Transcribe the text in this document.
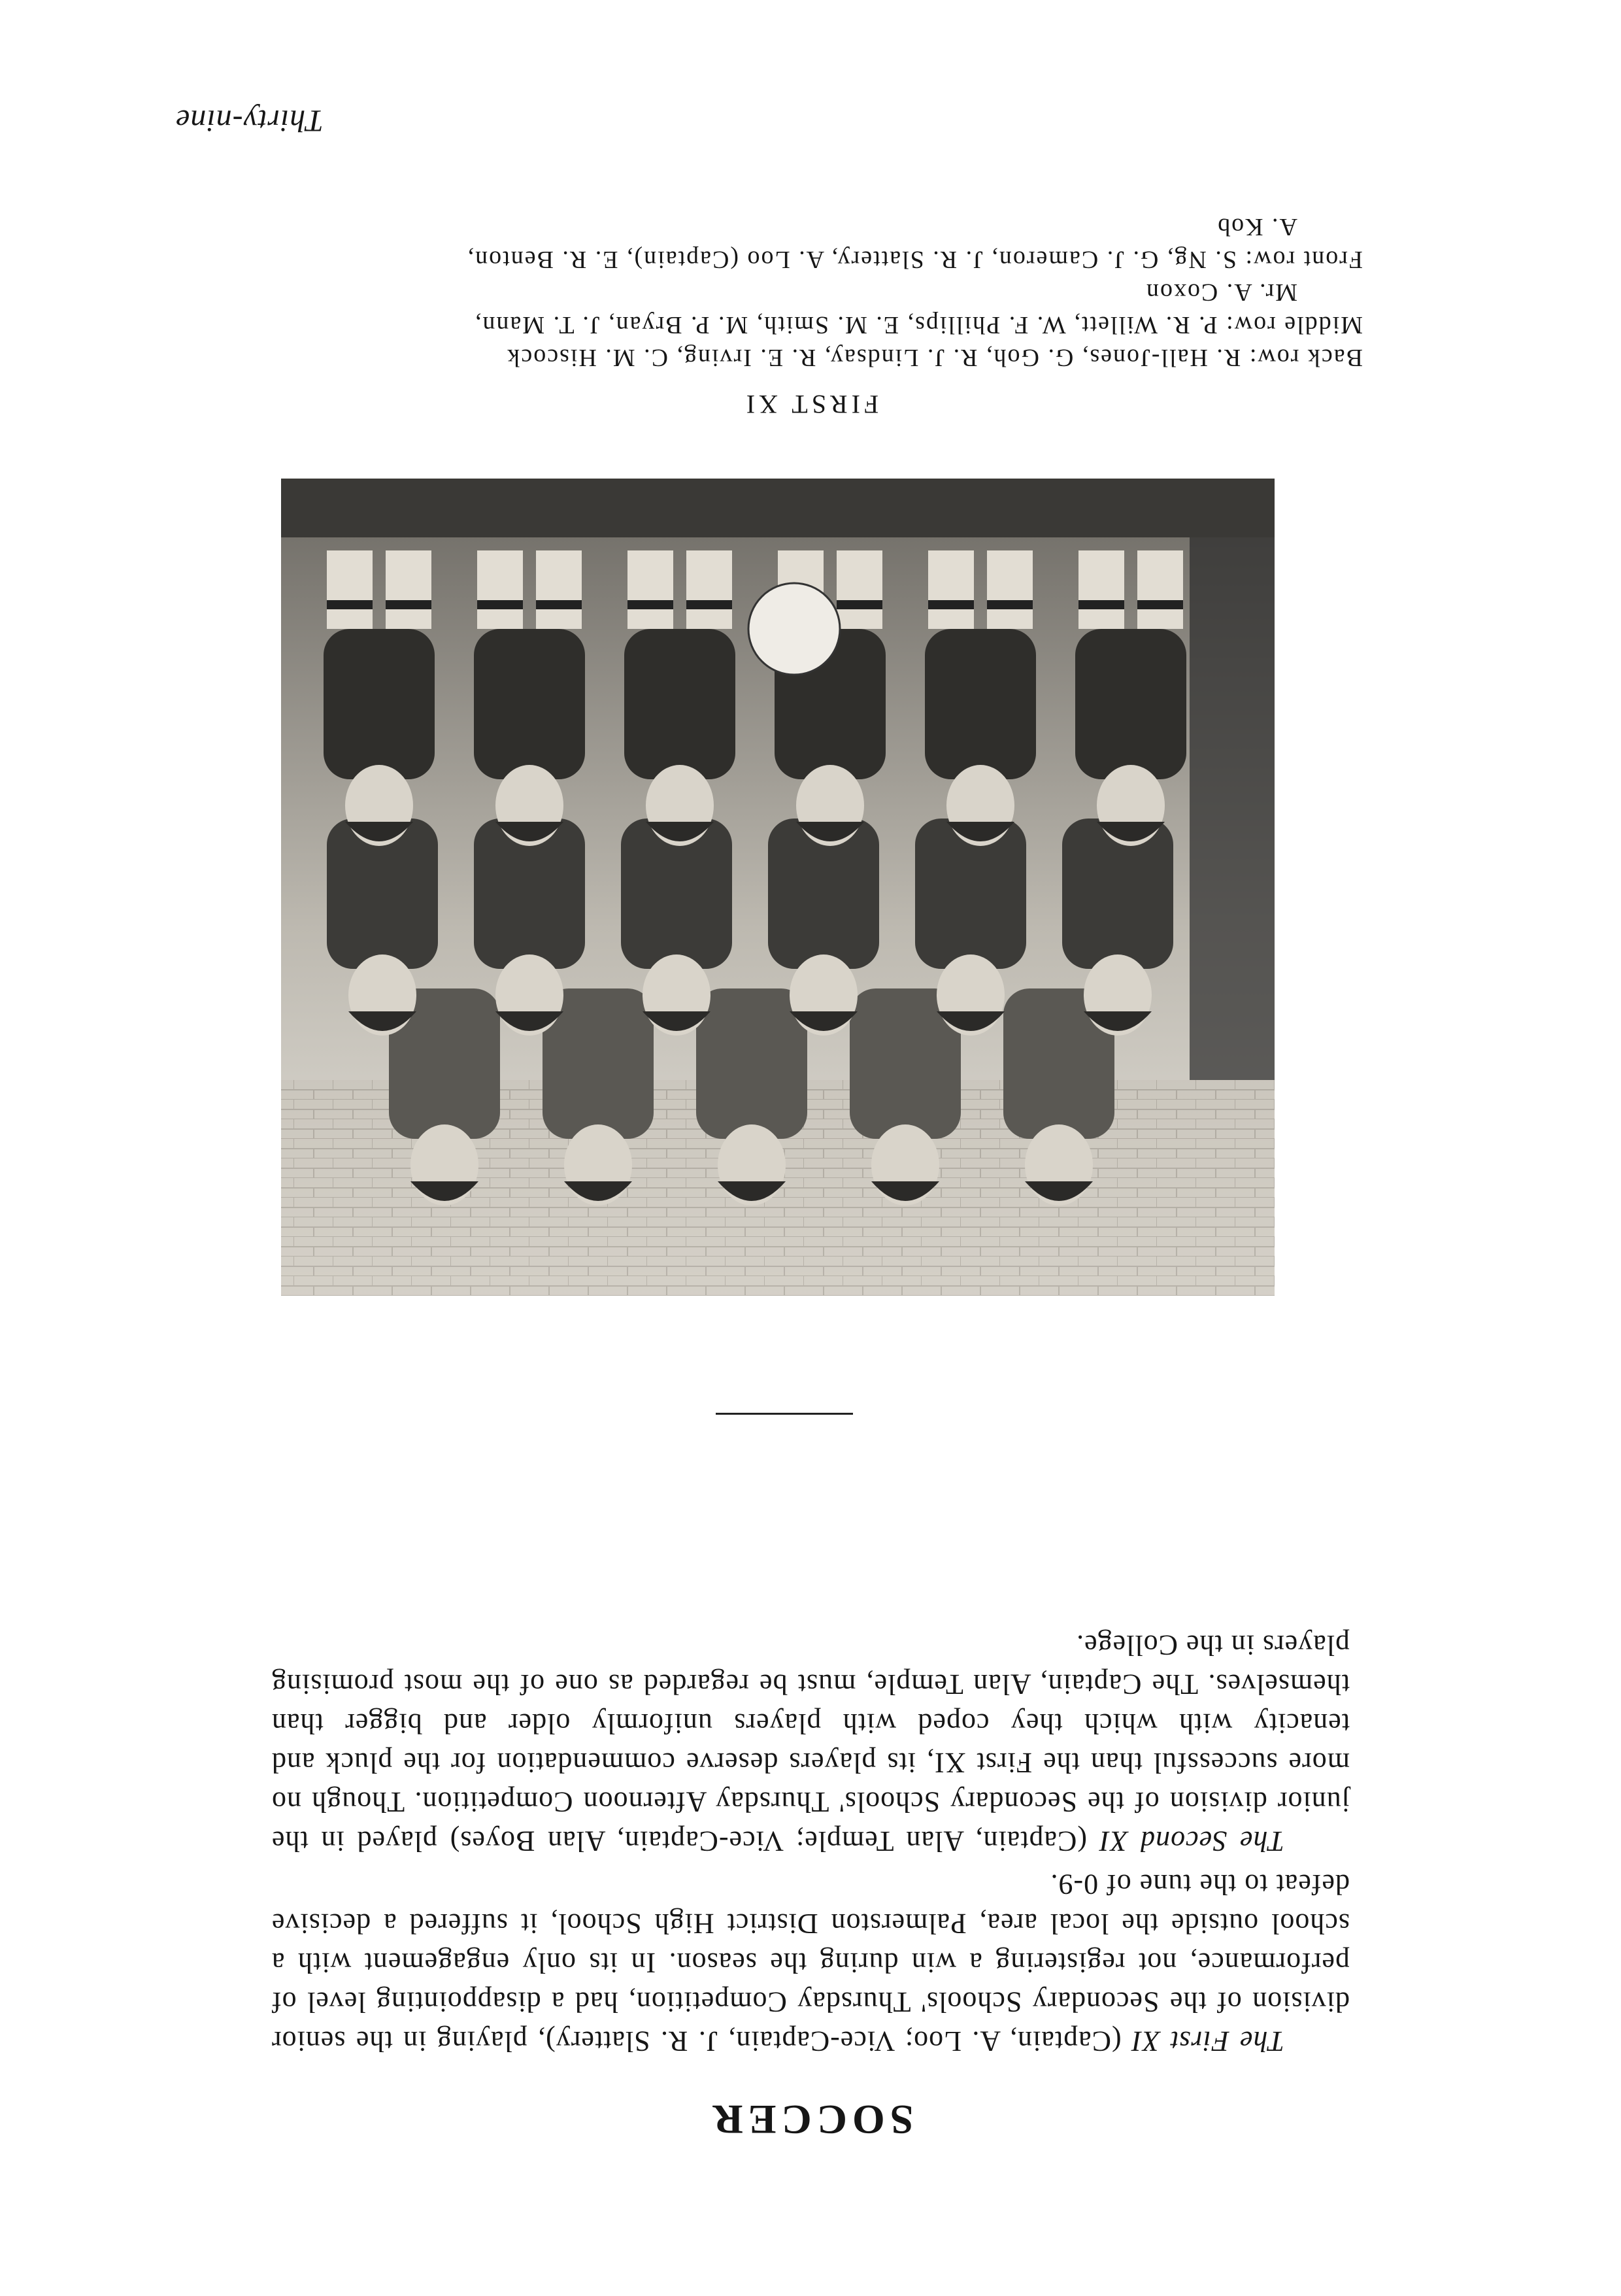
Thirty-nine
SOCCER

The First XI (Captain, A. Loo; Vice-Captain, J. R. Slattery), playing in the senior division of the Secondary Schools' Thursday Competition, had a disappointing level of performance, not registering a win during the season. In its only engagement with a school outside the local area, Palmerston District High School, it suffered a decisive defeat to the tune of 0-9.

The Second XI (Captain, Alan Temple; Vice-Captain, Alan Boyes) played in the junior division of the Secondary Schools' Thursday Afternoon Competition. Though no more successful than the First XI, its players deserve commendation for the pluck and tenacity with which they coped with players uniformly older and bigger than themselves. The Captain, Alan Temple, must be regarded as one of the most promising players in the College.

FIRST XI

Back row: R. Hall-Jones, G. Goh, R. J. Lindsay, R. E. Irving, C. M. Hiscock

Middle row: P. R. Willett, W. F. Phillips, E. M. Smith, M. P. Bryan, J. T. Mann,

Mr. A. Coxon

Front row: S. Ng, G. J. Cameron, J. R. Slattery, A. Loo (Captain), E. R. Benton,

A. Kob
